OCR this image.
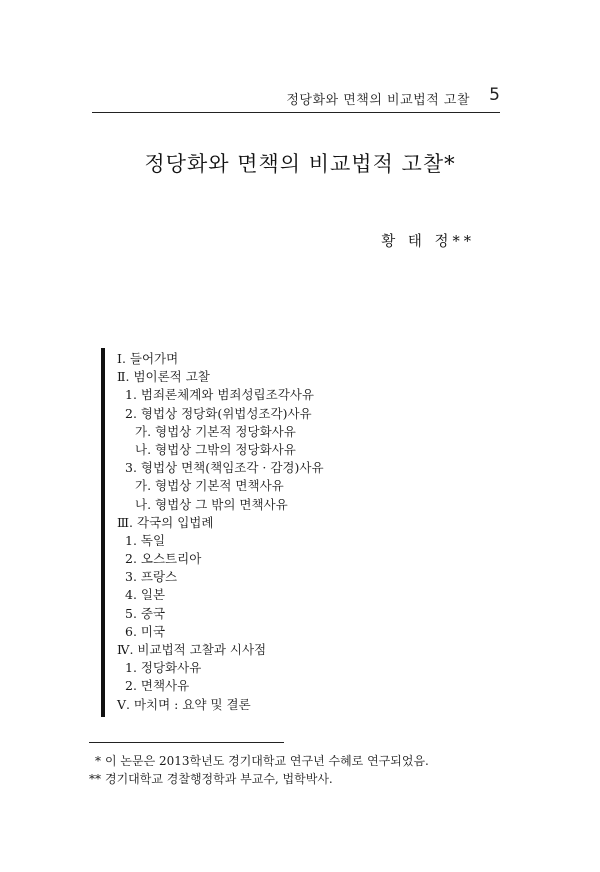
정당화와 면책의 비교법적 고찰 5
정당화와 면책의 비교법적 고찰*
황 태 정**
Ⅰ. 들어가며
Ⅱ. 범이론적 고찰
1. 범죄론체계와 범죄성립조각사유
2. 형법상 정당화(위법성조각)사유
가. 형법상 기본적 정당화사유
나. 형법상 그밖의 정당화사유
3. 형법상 면책(책임조각 · 감경)사유
가. 형법상 기본적 면책사유
나. 형법상 그 밖의 면책사유
Ⅲ. 각국의 입법례
1. 독일
2. 오스트리아
3. 프랑스
4. 일본
5. 중국
6. 미국
Ⅳ. 비교법적 고찰과 시사점
1. 정당화사유
2. 면책사유
Ⅴ. 마치며 : 요약 및 결론
* 이 논문은 2013학년도 경기대학교 연구년 수혜로 연구되었음.
** 경기대학교 경찰행정학과 부교수, 법학박사.
